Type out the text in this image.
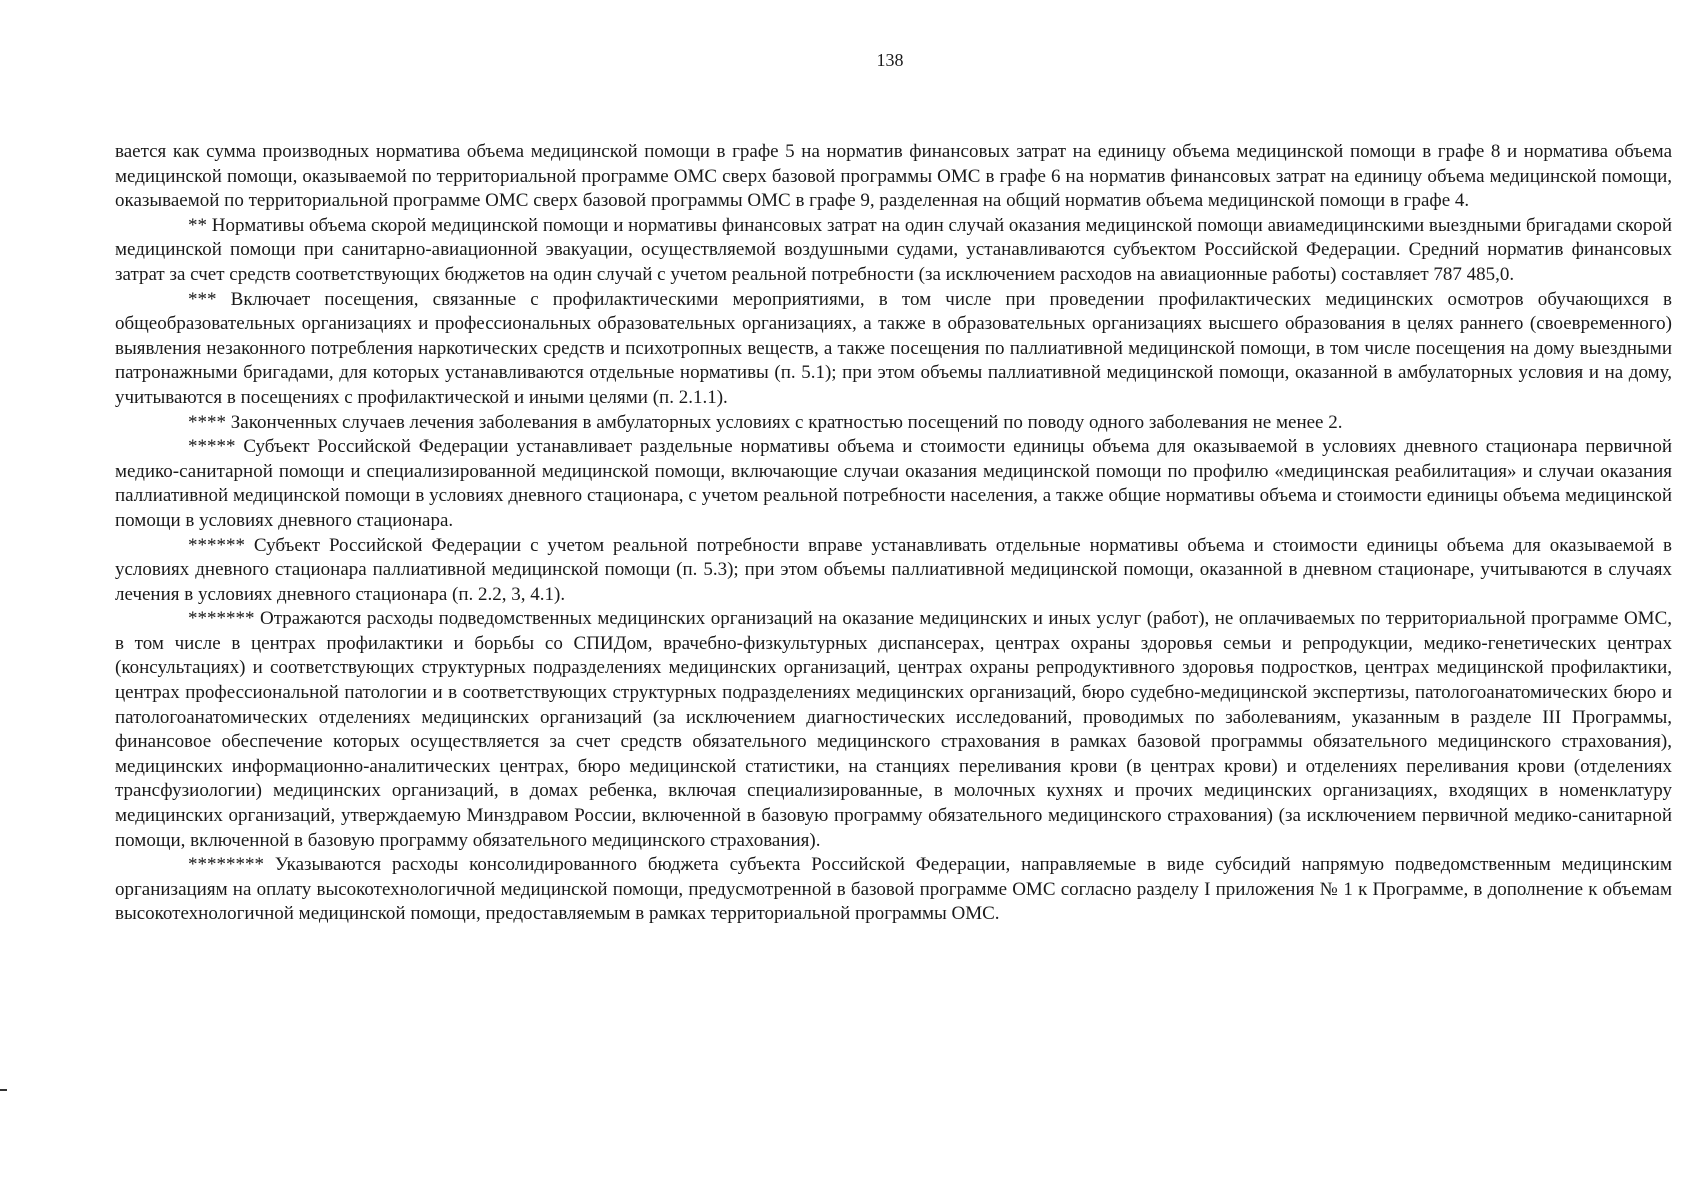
138

вается как сумма производных норматива объема медицинской помощи в графе 5 на норматив финансовых затрат на единицу объема медицинской помощи в графе 8 и норматива объема медицинской помощи, оказываемой по территориальной программе ОМС сверх базовой программы ОМС в графе 6 на норматив финансовых затрат на единицу объема медицинской помощи, оказываемой по территориальной программе ОМС сверх базовой программы ОМС в графе 9, разделенная на общий норматив объема медицинской помощи в графе 4.

** Нормативы объема скорой медицинской помощи и нормативы финансовых затрат на один случай оказания медицинской помощи авиамедицинскими выездными бригадами скорой медицинской помощи при санитарно-авиационной эвакуации, осуществляемой воздушными судами, устанавливаются субъектом Российской Федерации. Средний норматив финансовых затрат за счет средств соответствующих бюджетов на один случай с учетом реальной потребности (за исключением расходов на авиационные работы) составляет 787 485,0.

*** Включает посещения, связанные с профилактическими мероприятиями, в том числе при проведении профилактических медицинских осмотров обучающихся в общеобразовательных организациях и профессиональных образовательных организациях, а также в образовательных организациях высшего образования в целях раннего (своевременного) выявления незаконного потребления наркотических средств и психотропных веществ, а также посещения по паллиативной медицинской помощи, в том числе посещения на дому выездными патронажными бригадами, для которых устанавливаются отдельные нормативы (п. 5.1); при этом объемы паллиативной медицинской помощи, оказанной в амбулаторных условия и на дому, учитываются в посещениях с профилактической и иными целями (п. 2.1.1).

**** Законченных случаев лечения заболевания в амбулаторных условиях с кратностью посещений по поводу одного заболевания не менее 2.

***** Субъект Российской Федерации устанавливает раздельные нормативы объема и стоимости единицы объема для оказываемой в условиях дневного стационара первичной медико-санитарной помощи и специализированной медицинской помощи, включающие случаи оказания медицинской помощи по профилю «медицинская реабилитация» и случаи оказания паллиативной медицинской помощи в условиях дневного стационара, с учетом реальной потребности населения, а также общие нормативы объема и стоимости единицы объема медицинской помощи в условиях дневного стационара.

****** Субъект Российской Федерации с учетом реальной потребности вправе устанавливать отдельные нормативы объема и стоимости единицы объема для оказываемой в условиях дневного стационара паллиативной медицинской помощи (п. 5.3); при этом объемы паллиативной медицинской помощи, оказанной в дневном стационаре, учитываются в случаях лечения в условиях дневного стационара (п. 2.2, 3, 4.1).

******* Отражаются расходы подведомственных медицинских организаций на оказание медицинских и иных услуг (работ), не оплачиваемых по территориальной программе ОМС, в том числе в центрах профилактики и борьбы со СПИДом, врачебно-физкультурных диспансерах, центрах охраны здоровья семьи и репродукции, медико-генетических центрах (консультациях) и соответствующих структурных подразделениях медицинских организаций, центрах охраны репродуктивного здоровья подростков, центрах медицинской профилактики, центрах профессиональной патологии и в соответствующих структурных подразделениях медицинских организаций, бюро судебно-медицинской экспертизы, патологоанатомических бюро и патологоанатомических отделениях медицинских организаций (за исключением диагностических исследований, проводимых по заболеваниям, указанным в разделе III Программы, финансовое обеспечение которых осуществляется за счет средств обязательного медицинского страхования в рамках базовой программы обязательного медицинского страхования), медицинских информационно-аналитических центрах, бюро медицинской статистики, на станциях переливания крови (в центрах крови) и отделениях переливания крови (отделениях трансфузиологии) медицинских организаций, в домах ребенка, включая специализированные, в молочных кухнях и прочих медицинских организациях, входящих в номенклатуру медицинских организаций, утверждаемую Минздравом России, включенной в базовую программу обязательного медицинского страхования) (за исключением первичной медико-санитарной помощи, включенной в базовую программу обязательного медицинского страхования).

******** Указываются расходы консолидированного бюджета субъекта Российской Федерации, направляемые в виде субсидий напрямую подведомственным медицинским организациям на оплату высокотехнологичной медицинской помощи, предусмотренной в базовой программе ОМС согласно разделу I приложения № 1 к Программе, в дополнение к объемам высокотехнологичной медицинской помощи, предоставляемым в рамках территориальной программы ОМС.
